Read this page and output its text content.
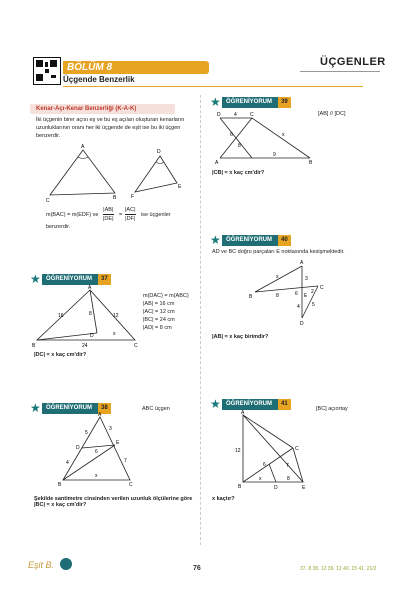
BÖLÜM 8
Üçgende Benzerlik
ÜÇGENLER
Kenar-Açı-Kenar Benzerliği (K-A-K)
İki üçgenin birer açısı eş ve bu eş açıları oluşturan kenarların
uzunluklarının oranı her iki üçgende de eşit ise bu iki üçgen
benzerdir.
A
C	B
D
F
E
m(BAC) = m(EDF) ve $\frac{|AB|}{|DE|} = \frac{|AC|}{|DF|}$ ise üçgenler
benzerdir.
★ ÖĞRENİYORUM	37
A
B	C
D
16	12
8
x
24
m(DAC) = m(ABC)
|AB| = 16 cm
|AC| = 12 cm
|BC| = 24 cm
|AD| = 8 cm
|DC| = x kaç cm'dir?
★ ÖĞRENİYORUM	38	ABC üçgen
A
B	C
D
E
5
3
6
4	7
x
Şekilde santimetre cinsinden verilen uzunluk ölçülerine göre
|BC| = x kaç cm'dir?
★ ÖĞRENİYORUM	39
[AB] // [DC]
D	C
A	B
4
6
8
x
9
|CB| = x kaç cm'dir?
★ ÖĞRENİYORUM	40
AD ve BC doğru parçaları E noktasında kesişmektedir.
A
B
C
D
E
x	3
2
8	6
4 5
|AB| = x kaç birimdir?
★ ÖĞRENİYORUM	41
[BC] açıortay
A
B
C
D	E
12
6	7
8
x
x kaçtır?
Eşit B.	76	37. 8 38. 12 39. 12 40. 15 41. 21/2
